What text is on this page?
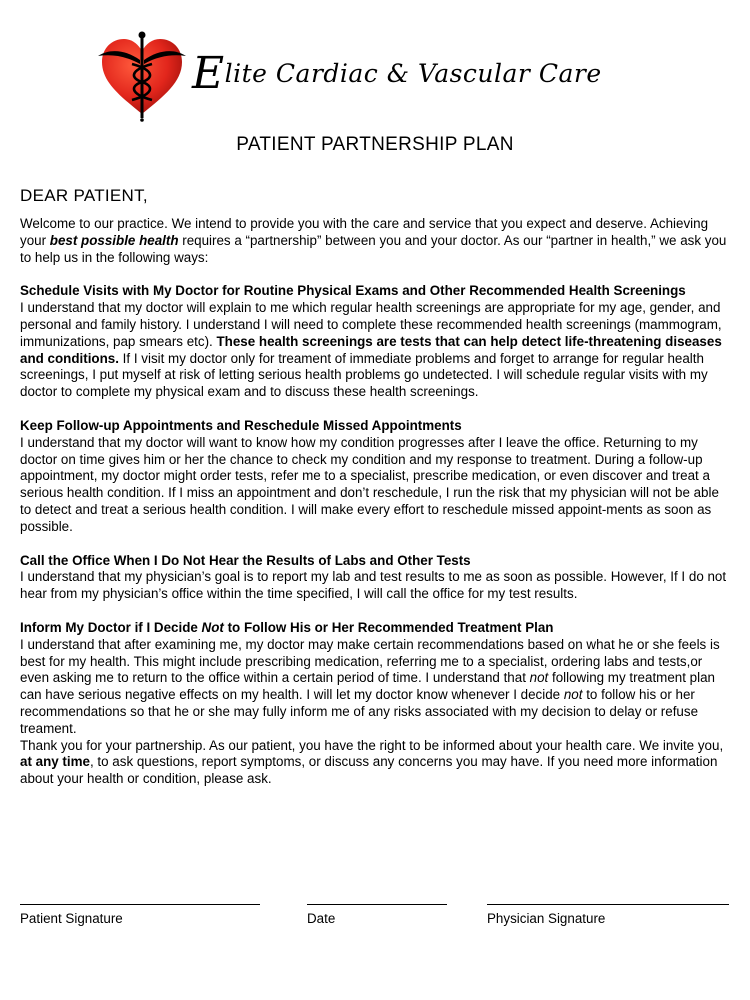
Elite Cardiac & Vascular Care
PATIENT PARTNERSHIP PLAN
DEAR PATIENT,

Welcome to our practice. We intend to provide you with the care and service that you expect and deserve. Achieving your best possible health requires a “partnership” between you and your doctor. As our “partner in health,” we ask you to help us in the following ways:

Schedule Visits with My Doctor for Routine Physical Exams and Other Recommended Health Screenings

I understand that my doctor will explain to me which regular health screenings are appropriate for my age, gender, and personal and family history. I understand I will need to complete these recommended health screenings (mammogram, immunizations, pap smears etc). These health screenings are tests that can help detect life-threatening diseases and conditions. If I visit my doctor only for treament of immediate problems and forget to arrange for regular health screenings, I put myself at risk of letting serious health problems go undetected. I will schedule regular visits with my doctor to complete my physical exam and to discuss these health screenings.

Keep Follow-up Appointments and Reschedule Missed Appointments

I understand that my doctor will want to know how my condition progresses after I leave the office. Returning to my doctor on time gives him or her the chance to check my condition and my response to treatment. During a follow-up appointment, my doctor might order tests, refer me to a specialist, prescribe medication, or even discover and treat a serious health condition. If I miss an appointment and don’t reschedule, I run the risk that my physician will not be able to detect and treat a serious health condition. I will make every effort to reschedule missed appoint-ments as soon as possible.

Call the Office When I Do Not Hear the Results of Labs and Other Tests

I understand that my physician’s goal is to report my lab and test results to me as soon as possible. However, If I do not hear from my physician’s office within the time specified, I will call the office for my test results.

Inform My Doctor if I Decide Not to Follow His or Her Recommended Treatment Plan

I understand that after examining me, my doctor may make certain recommendations based on what he or she feels is best for my health. This might include prescribing medication, referring me to a specialist, ordering labs and tests,or even asking me to return to the office within a certain period of time. I understand that not following my treatment plan can have serious negative effects on my health. I will let my doctor know whenever I decide not to follow his or her recommendations so that he or she may fully inform me of any risks associated with my decision to delay or refuse treament.

Thank you for your partnership. As our patient, you have the right to be informed about your health care. We invite you, at any time, to ask questions, report symptoms, or discuss any concerns you may have. If you need more information about your health or condition, please ask.

Patient Signature	Date	Physician Signature
